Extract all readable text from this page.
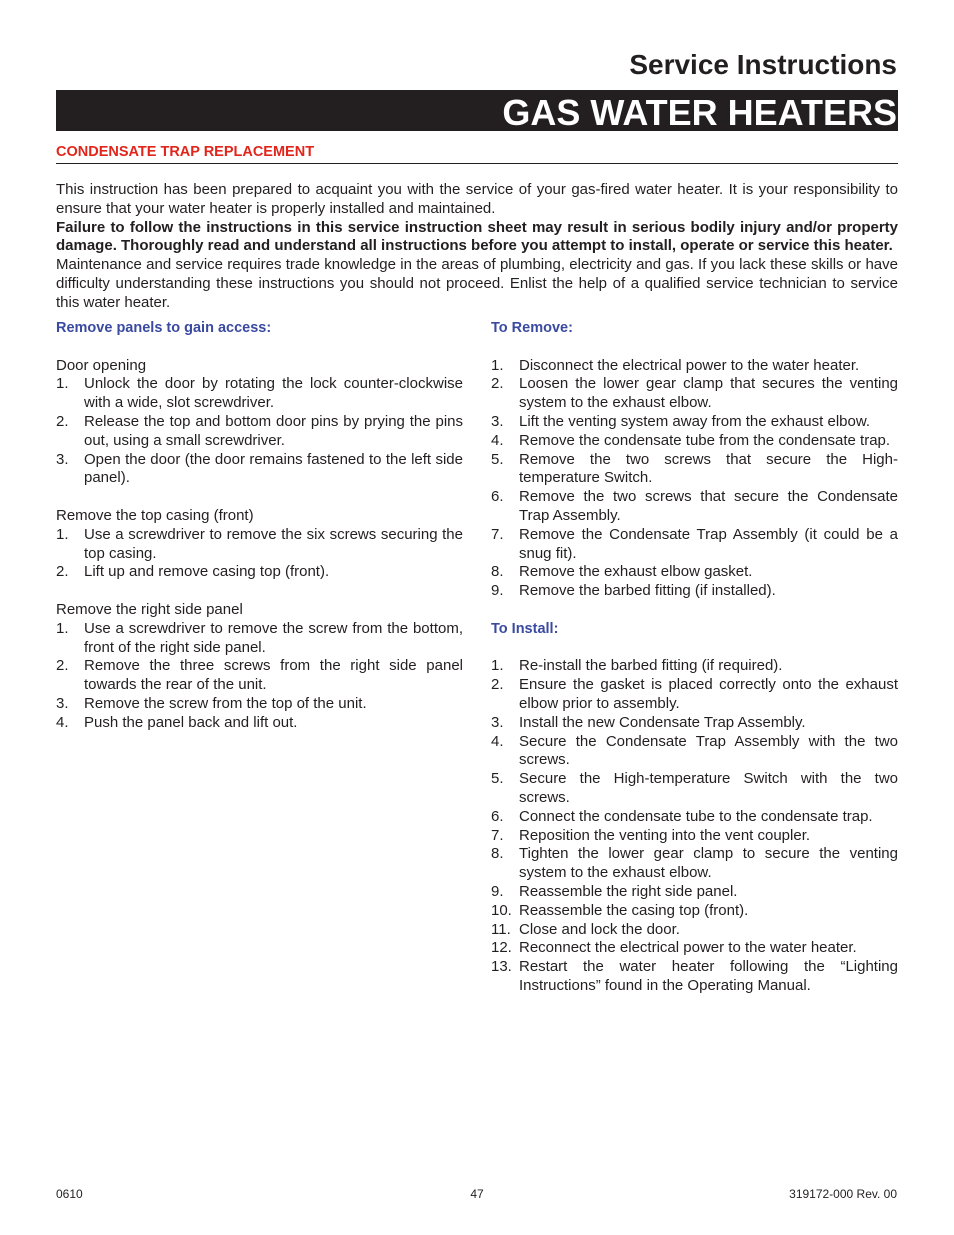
Service Instructions
GAS WATER HEATERS
CONDENSATE TRAP REPLACEMENT

This instruction has been prepared to acquaint you with the service of your gas-fired water heater. It is your responsibility to ensure that your water heater is properly installed and maintained.

Failure to follow the instructions in this service instruction sheet may result in serious bodily injury and/or property damage. Thoroughly read and understand all instructions before you attempt to install, operate or service this heater.

Maintenance and service requires trade knowledge in the areas of plumbing, electricity and gas. If you lack these skills or have difficulty understanding these instructions you should not proceed. Enlist the help of a qualified service technician to service this water heater.

Remove panels to gain access:
Door opening
1. Unlock the door by rotating the lock counter-clockwise with a wide, slot screwdriver.
2. Release the top and bottom door pins by prying the pins out, using a small screwdriver.
3. Open the door (the door remains fastened to the left side panel).
Remove the top casing (front)
1. Use a screwdriver to remove the six screws securing the top casing.
2. Lift up and remove casing top (front).
Remove the right side panel
1. Use a screwdriver to remove the screw from the bottom, front of the right side panel.
2. Remove the three screws from the right side panel towards the rear of the unit.
3. Remove the screw from the top of the unit.
4. Push the panel back and lift out.
To Remove:
1. Disconnect the electrical power to the water heater.
2. Loosen the lower gear clamp that secures the venting system to the exhaust elbow.
3. Lift the venting system away from the exhaust elbow.
4. Remove the condensate tube from the condensate trap.
5. Remove the two screws that secure the High-temperature Switch.
6. Remove the two screws that secure the Condensate Trap Assembly.
7. Remove the Condensate Trap Assembly (it could be a snug fit).
8. Remove the exhaust elbow gasket.
9. Remove the barbed fitting (if installed).
To Install:
1. Re-install the barbed fitting (if required).
2. Ensure the gasket is placed correctly onto the exhaust elbow prior to assembly.
3. Install the new Condensate Trap Assembly.
4. Secure the Condensate Trap Assembly with the two screws.
5. Secure the High-temperature Switch with the two screws.
6. Connect the condensate tube to the condensate trap.
7. Reposition the venting into the vent coupler.
8. Tighten the lower gear clamp to secure the venting system to the exhaust elbow.
9. Reassemble the right side panel.
10. Reassemble the casing top (front).
11. Close and lock the door.
12. Reconnect the electrical power to the water heater.
13. Restart the water heater following the “Lighting Instructions” found in the Operating Manual.
0610	47	319172-000 Rev. 00
